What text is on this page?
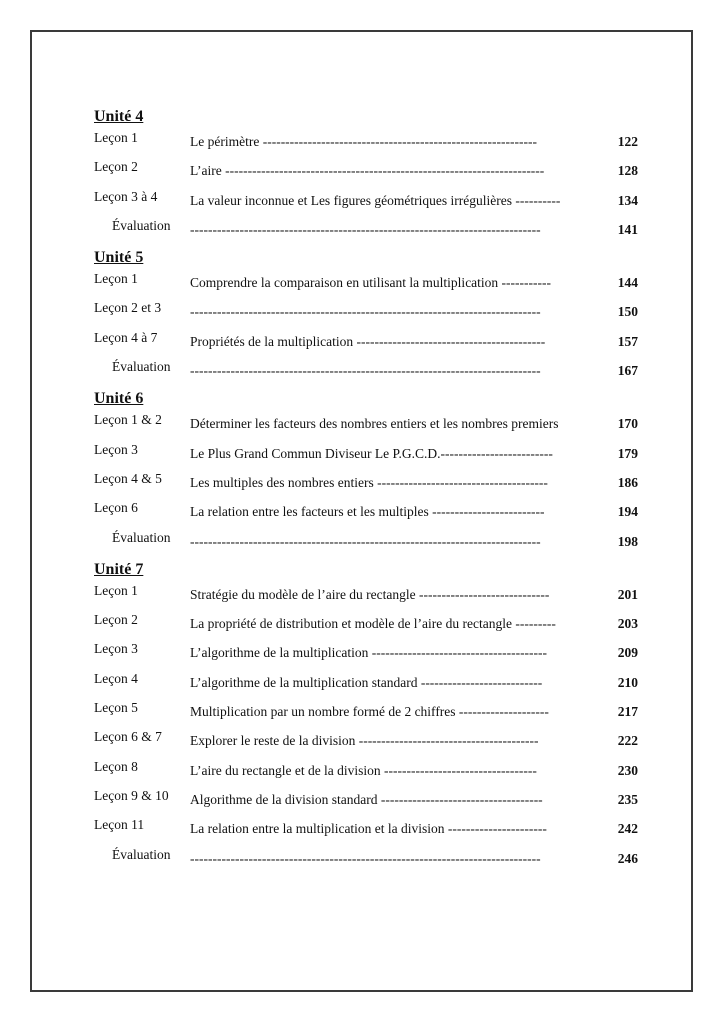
Unité 4
Leçon 1	Le périmètre -------------------------------------------------------------	122
Leçon 2	L’aire -----------------------------------------------------------------------	128
Leçon 3 à 4 La valeur inconnue et Les figures géométriques irrégulières ----------	134
Évaluation ------------------------------------------------------------------------------	141
Unité 5
Leçon 1	Comprendre la comparaison en utilisant la multiplication -----------	144
Leçon 2 et 3 ------------------------------------------------------------------------------	150
Leçon 4 à 7 Propriétés de la multiplication ------------------------------------------	157
Évaluation ------------------------------------------------------------------------------	167
Unité 6
Leçon 1 & 2 Déterminer les facteurs des nombres entiers et les nombres premiers	170
Leçon 3	Le Plus Grand Commun Diviseur Le P.G.C.D.-------------------------	179
Leçon 4 & 5 Les multiples des nombres entiers --------------------------------------	186
Leçon 6	La relation entre les facteurs et les multiples -------------------------	194
Évaluation ------------------------------------------------------------------------------	198
Unité 7
Leçon 1	Stratégie du modèle de l’aire du rectangle -----------------------------	201
Leçon 2	La propriété de distribution et modèle de l’aire du rectangle ---------	203
Leçon 3	L’algorithme de la multiplication ---------------------------------------	209
Leçon 4	L’algorithme de la multiplication standard ---------------------------	210
Leçon 5	Multiplication par un nombre formé de 2 chiffres --------------------	217
Leçon 6 & 7 Explorer le reste de la division ----------------------------------------	222
Leçon 8	L’aire du rectangle et de la division ----------------------------------	230
Leçon 9 & 10 Algorithme de la division standard ------------------------------------	235
Leçon 11	La relation entre la multiplication et la division ----------------------	242
Évaluation ------------------------------------------------------------------------------	246
